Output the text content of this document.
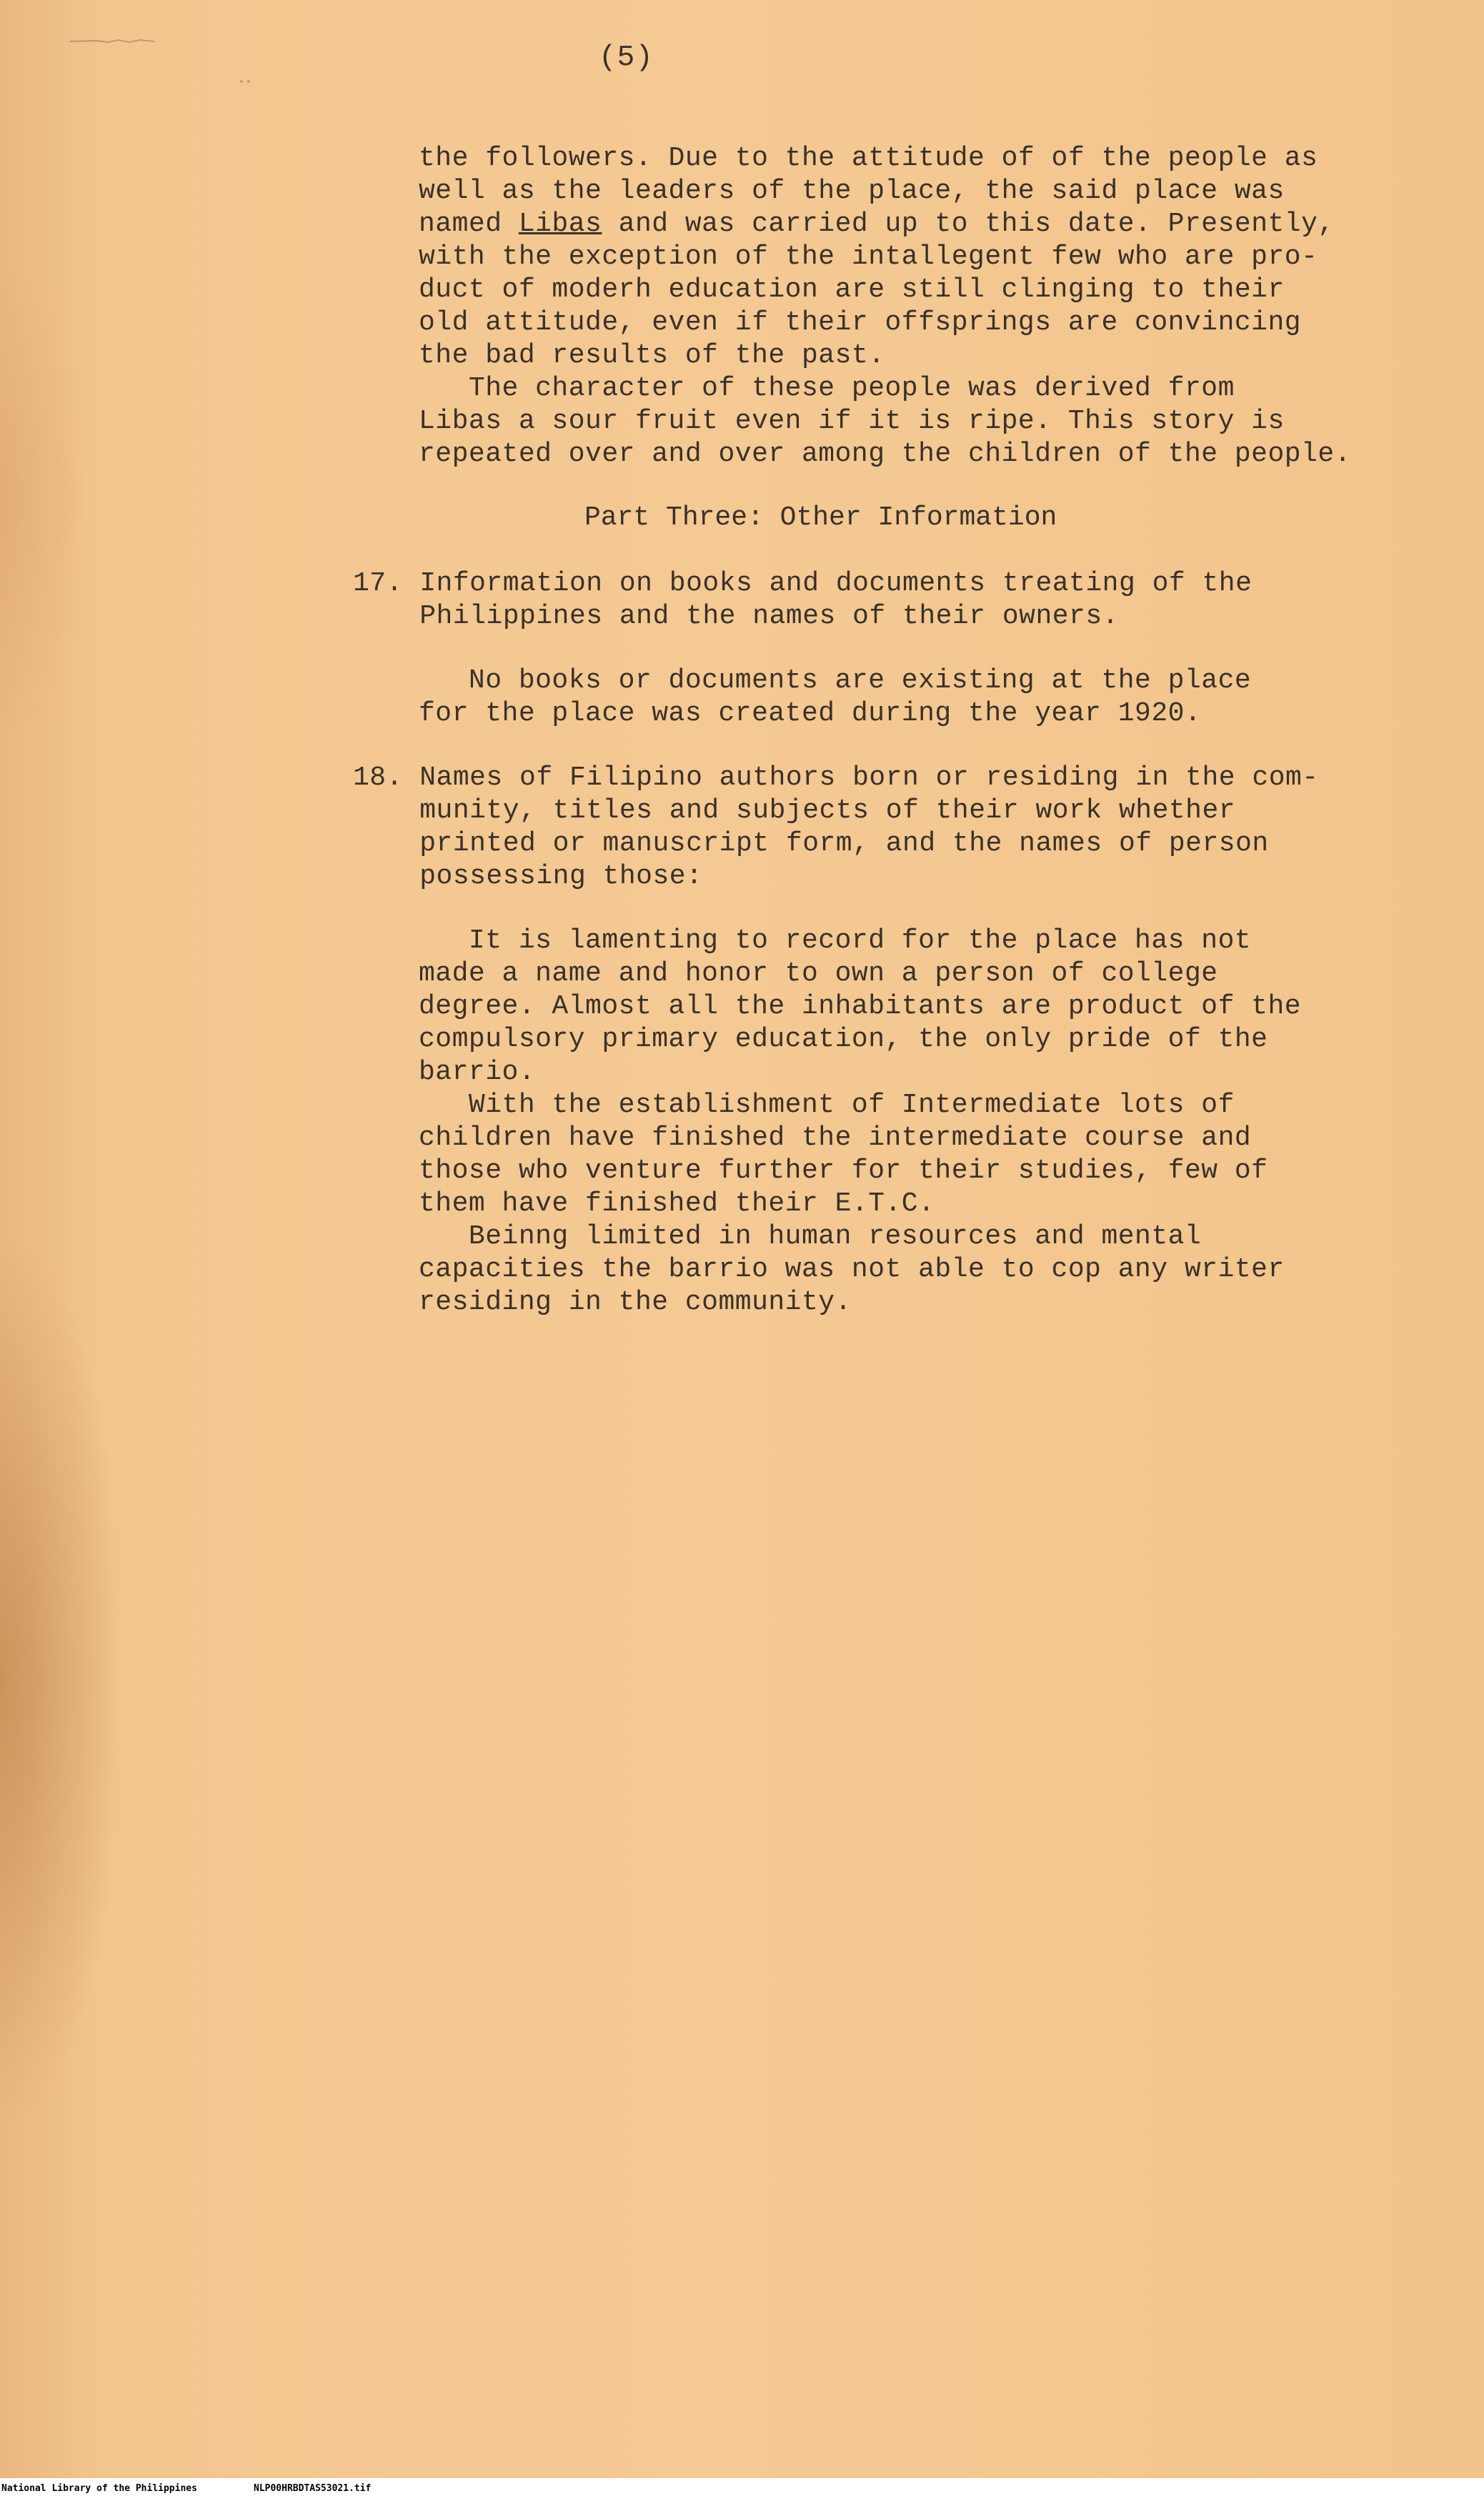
(5)
the followers. Due to the attitude of of the people as
well as the leaders of the place, the said place was
named Libas and was carried up to this date. Presently,
with the exception of the intallegent few who are pro-
duct of moderh education are still clinging to their
old attitude, even if their offsprings are convincing
the bad results of the past.
The character of these people was derived from
Libas a sour fruit even if it is ripe. This story is
repeated over and over among the children of the people.
Part Three: Other Information
17. Information on books and documents treating of the
Philippines and the names of their owners.
No books or documents are existing at the place
for the place was created during the year 1920.
18. Names of Filipino authors born or residing in the com-
munity, titles and subjects of their work whether
printed or manuscript form, and the names of person
possessing those:
It is lamenting to record for the place has not
made a name and honor to own a person of college
degree. Almost all the inhabitants are product of the
compulsory primary education, the only pride of the
barrio.
With the establishment of Intermediate lots of
children have finished the intermediate course and
those who venture further for their studies, few of
them have finished their E.T.C.
Beinng limited in human resources and mental
capacities the barrio was not able to cop any writer
residing in the community.
National Library of the Philippines	NLP00HRBDTAS53021.tif
